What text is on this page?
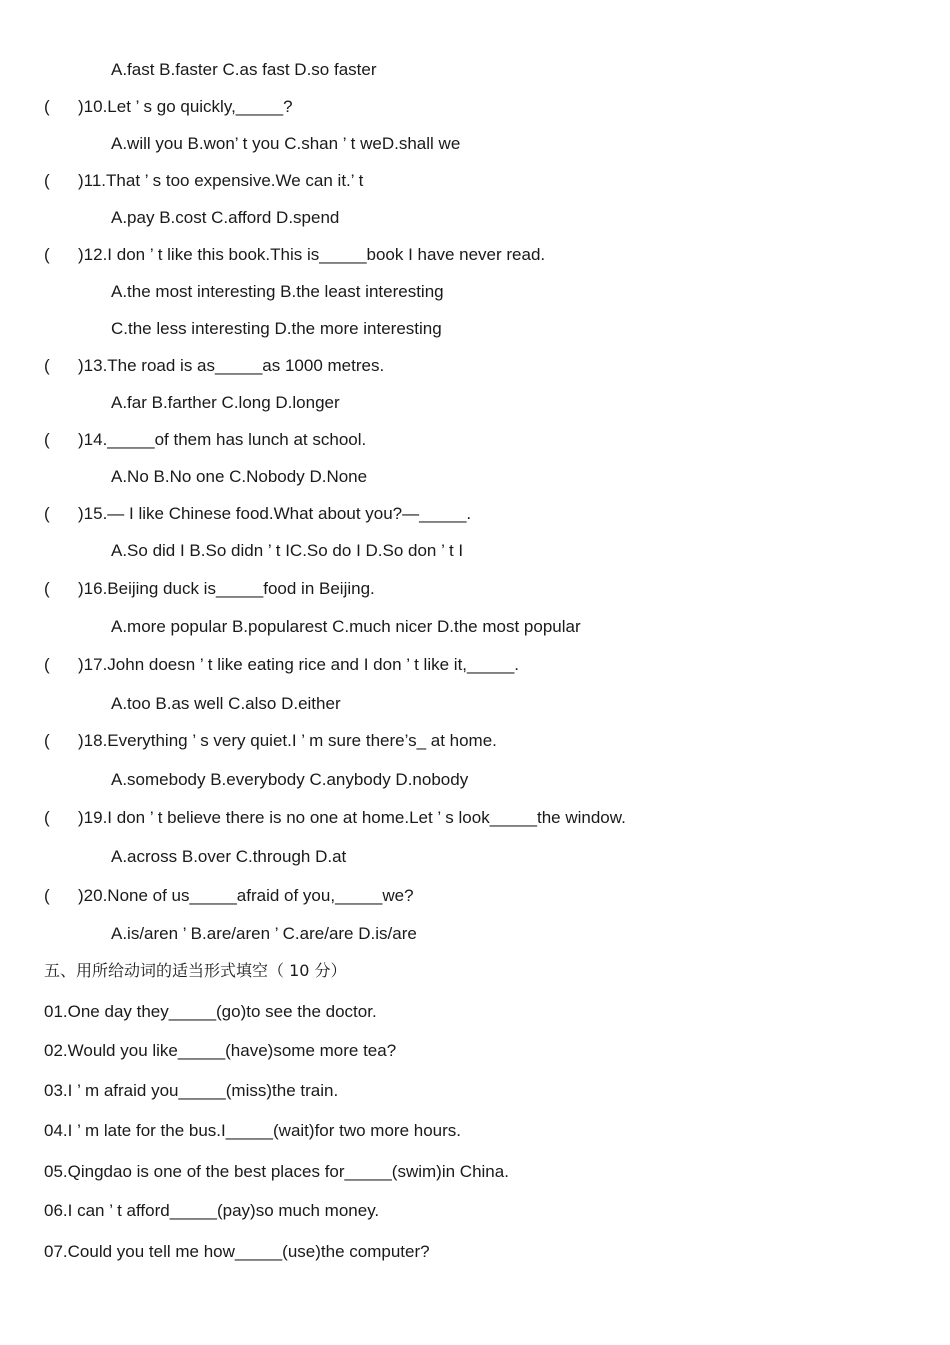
A.fast B.faster C.as fast D.so faster
( )10.Let ’ s go quickly,_____?
A.will you B.won’ t you C.shan ’ t weD.shall we
( )11.That ’ s too expensive.We can it.’ t
A.pay B.cost C.afford D.spend
( )12.I don ’ t like this book.This is_____book I have never read.
A.the most interesting B.the least interesting
C.the less interesting D.the more interesting
( )13.The road is as_____as 1000 metres.
A.far B.farther C.long D.longer
( )14._____of them has lunch at school.
A.No B.No one C.Nobody D.None
( )15.— I like Chinese food.What about you?—_____.
A.So did I B.So didn ’ t IC.So do I D.So don ’ t I
( )16.Beijing duck is_____food in Beijing.
A.more popular B.popularest C.much nicer D.the most popular
( )17.John doesn ’ t like eating rice and I don ’ t like it,_____.
A.too B.as well C.also D.either
( )18.Everything ’ s very quiet.I ’ m sure there’s_ at home.
A.somebody B.everybody C.anybody D.nobody
( )19.I don ’ t believe there is no one at home.Let ’ s look_____the window.
A.across B.over C.through D.at
( )20.None of us_____afraid of you,_____we?
A.is/aren ’ B.are/aren ’ C.are/are D.is/are
五、用所给动词的适当形式填空（ 10 分）
01.One day they_____(go)to see the doctor.
02.Would you like_____(have)some more tea?
03.I ’ m afraid you_____(miss)the train.
04.I ’ m late for the bus.I_____(wait)for two more hours.
05.Qingdao is one of the best places for_____(swim)in China.
06.I can ’ t afford_____(pay)so much money.
07.Could you tell me how_____(use)the computer?
